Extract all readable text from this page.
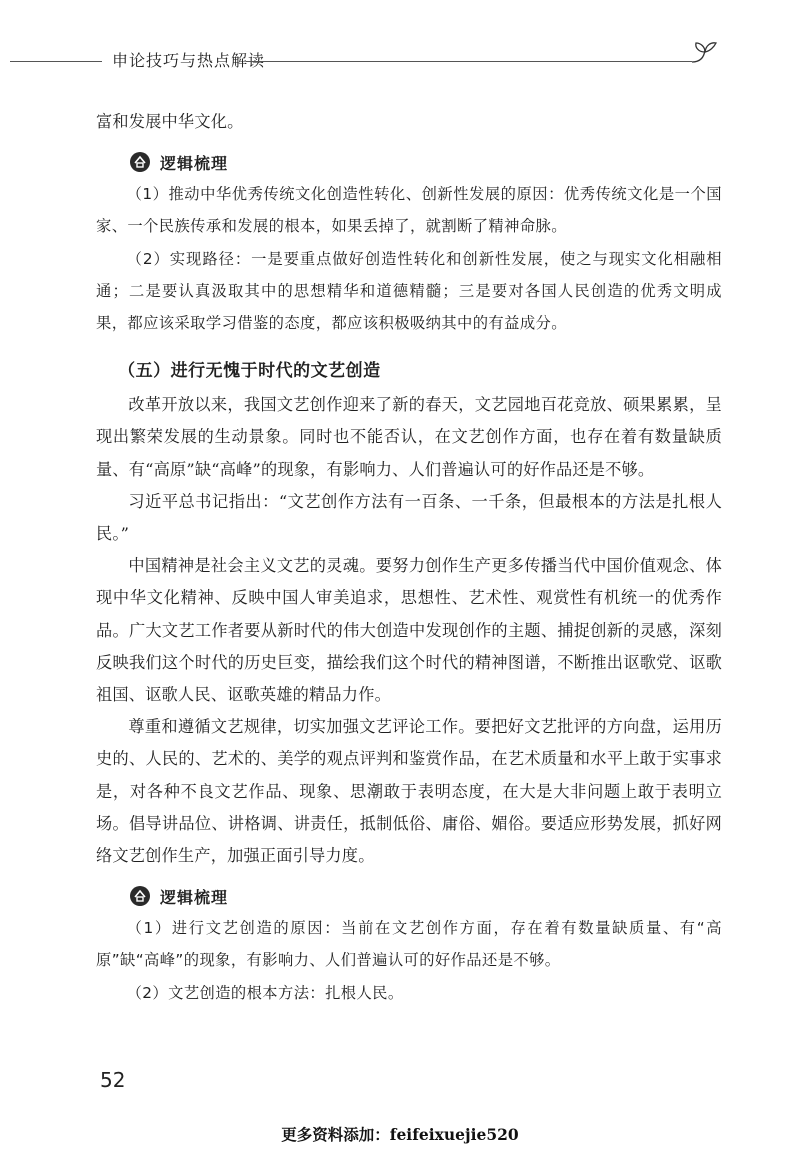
申论技巧与热点解读

富和发展中华文化。

逻辑梳理

（1）推动中华优秀传统文化创造性转化、创新性发展的原因：优秀传统文化是一个国家、一个民族传承和发展的根本，如果丢掉了，就割断了精神命脉。

（2）实现路径：一是要重点做好创造性转化和创新性发展，使之与现实文化相融相通；二是要认真汲取其中的思想精华和道德精髓；三是要对各国人民创造的优秀文明成果，都应该采取学习借鉴的态度，都应该积极吸纳其中的有益成分。

（五）进行无愧于时代的文艺创造

改革开放以来，我国文艺创作迎来了新的春天，文艺园地百花竞放、硕果累累，呈现出繁荣发展的生动景象。同时也不能否认，在文艺创作方面，也存在着有数量缺质量、有“高原”缺“高峰”的现象，有影响力、人们普遍认可的好作品还是不够。

习近平总书记指出：“文艺创作方法有一百条、一千条，但最根本的方法是扎根人民。”

中国精神是社会主义文艺的灵魂。要努力创作生产更多传播当代中国价值观念、体现中华文化精神、反映中国人审美追求，思想性、艺术性、观赏性有机统一的优秀作品。广大文艺工作者要从新时代的伟大创造中发现创作的主题、捕捉创新的灵感，深刻反映我们这个时代的历史巨变，描绘我们这个时代的精神图谱，不断推出讴歌党、讴歌祖国、讴歌人民、讴歌英雄的精品力作。

尊重和遵循文艺规律，切实加强文艺评论工作。要把好文艺批评的方向盘，运用历史的、人民的、艺术的、美学的观点评判和鉴赏作品，在艺术质量和水平上敢于实事求是，对各种不良文艺作品、现象、思潮敢于表明态度，在大是大非问题上敢于表明立场。倡导讲品位、讲格调、讲责任，抵制低俗、庸俗、媚俗。要适应形势发展，抓好网络文艺创作生产，加强正面引导力度。

逻辑梳理

（1）进行文艺创造的原因：当前在文艺创作方面，存在着有数量缺质量、有“高原”缺“高峰”的现象，有影响力、人们普遍认可的好作品还是不够。

（2）文艺创造的根本方法：扎根人民。

52
更多资料添加：feifeixuejie520
